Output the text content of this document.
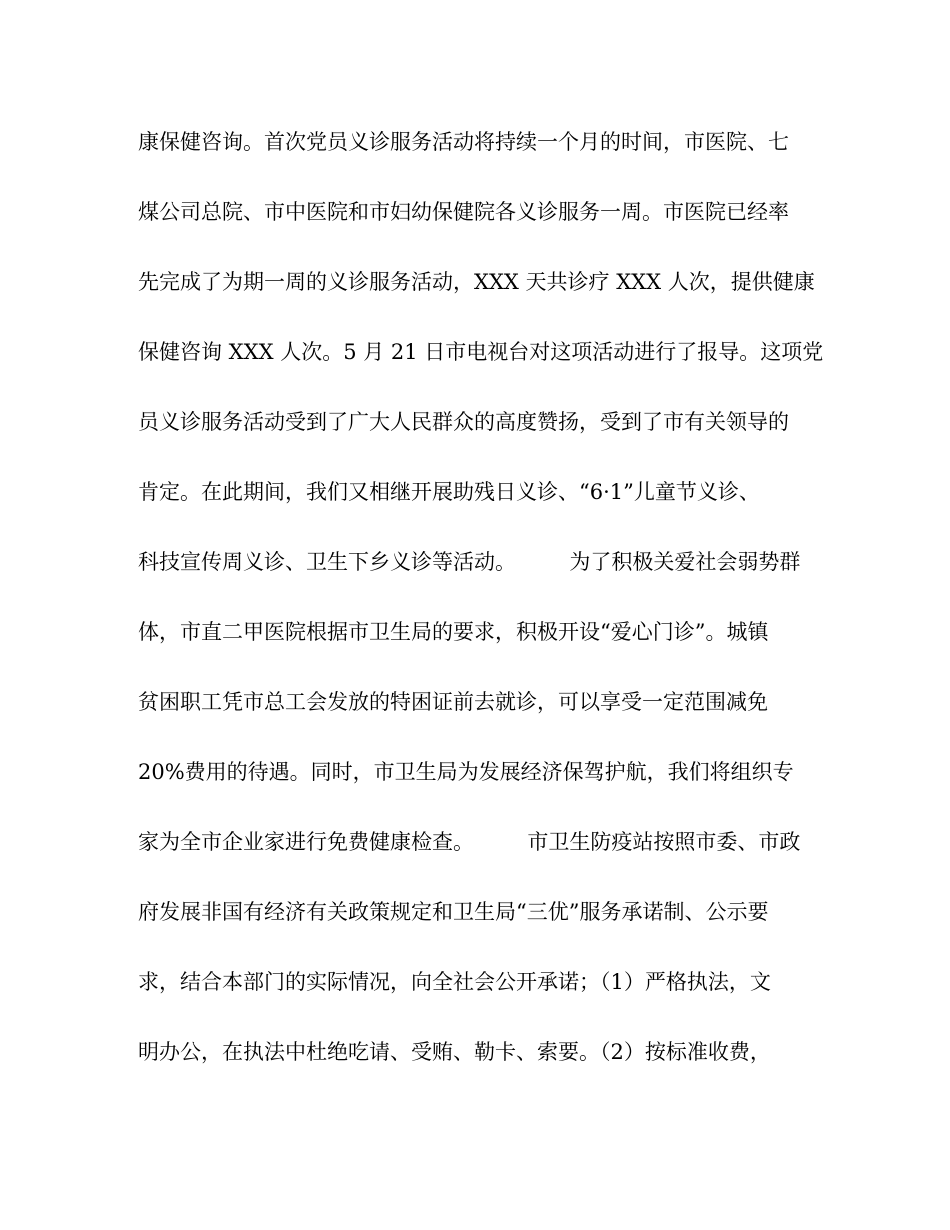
康保健咨询。首次党员义诊服务活动将持续一个月的时间，市医院、七
煤公司总院、市中医院和市妇幼保健院各义诊服务一周。市医院已经率
先完成了为期一周的义诊服务活动，XXX 天共诊疗 XXX 人次，提供健康
保健咨询 XXX 人次。5 月 21 日市电视台对这项活动进行了报导。这项党
员义诊服务活动受到了广大人民群众的高度赞扬，受到了市有关领导的
肯定。在此期间，我们又相继开展助残日义诊、“6·1”儿童节义诊、
科技宣传周义诊、卫生下乡义诊等活动。        为了积极关爱社会弱势群
体，市直二甲医院根据市卫生局的要求，积极开设“爱心门诊”。城镇
贫困职工凭市总工会发放的特困证前去就诊，可以享受一定范围减免
20%费用的待遇。同时，市卫生局为发展经济保驾护航，我们将组织专
家为全市企业家进行免费健康检查。        市卫生防疫站按照市委、市政
府发展非国有经济有关政策规定和卫生局“三优”服务承诺制、公示要
求，结合本部门的实际情况，向全社会公开承诺；（1）严格执法，文
明办公，在执法中杜绝吃请、受贿、勒卡、索要。（2）按标准收费，
